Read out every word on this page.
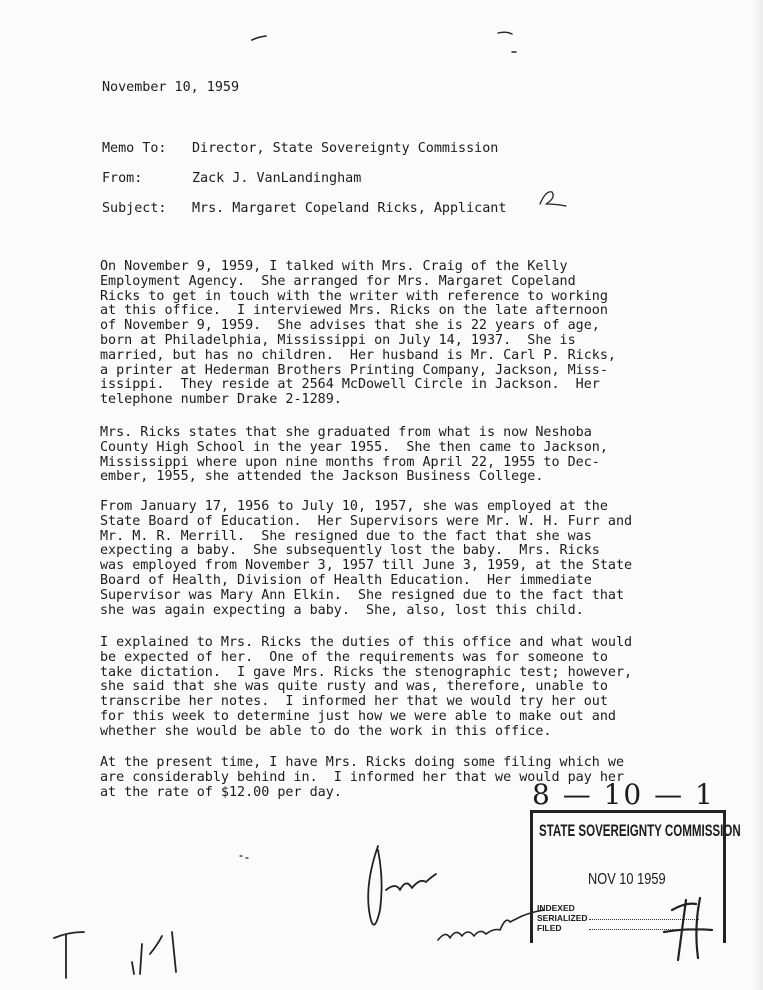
November 10, 1959
Memo To: Director, State Sovereignty Commission
From:	Zack J. VanLandingham
Subject: Mrs. Margaret Copeland Ricks, Applicant
On November 9, 1959, I talked with Mrs. Craig of the Kelly
Employment Agency.  She arranged for Mrs. Margaret Copeland
Ricks to get in touch with the writer with reference to working
at this office.  I interviewed Mrs. Ricks on the late afternoon
of November 9, 1959.  She advises that she is 22 years of age,
born at Philadelphia, Mississippi on July 14, 1937.  She is
married, but has no children.  Her husband is Mr. Carl P. Ricks,
a printer at Hederman Brothers Printing Company, Jackson, Miss-
issippi.  They reside at 2564 McDowell Circle in Jackson.  Her
telephone number Drake 2-1289.
Mrs. Ricks states that she graduated from what is now Neshoba
County High School in the year 1955.  She then came to Jackson,
Mississippi where upon nine months from April 22, 1955 to Dec-
ember, 1955, she attended the Jackson Business College.
From January 17, 1956 to July 10, 1957, she was employed at the
State Board of Education.  Her Supervisors were Mr. W. H. Furr and
Mr. M. R. Merrill.  She resigned due to the fact that she was
expecting a baby.  She subsequently lost the baby.  Mrs. Ricks
was employed from November 3, 1957 till June 3, 1959, at the State
Board of Health, Division of Health Education.  Her immediate
Supervisor was Mary Ann Elkin.  She resigned due to the fact that
she was again expecting a baby.  She, also, lost this child.
I explained to Mrs. Ricks the duties of this office and what would
be expected of her.  One of the requirements was for someone to
take dictation.  I gave Mrs. Ricks the stenographic test; however,
she said that she was quite rusty and was, therefore, unable to
transcribe her notes.  I informed her that we would try her out
for this week to determine just how we were able to make out and
whether she would be able to do the work in this office.
At the present time, I have Mrs. Ricks doing some filing which we
are considerably behind in.  I informed her that we would pay her
at the rate of $12.00 per day.	8 — 10 — 1
STATE SOVEREIGNTY COMMISSION
NOV 10 1959
INDEXED
SERIALIZED
FILED
